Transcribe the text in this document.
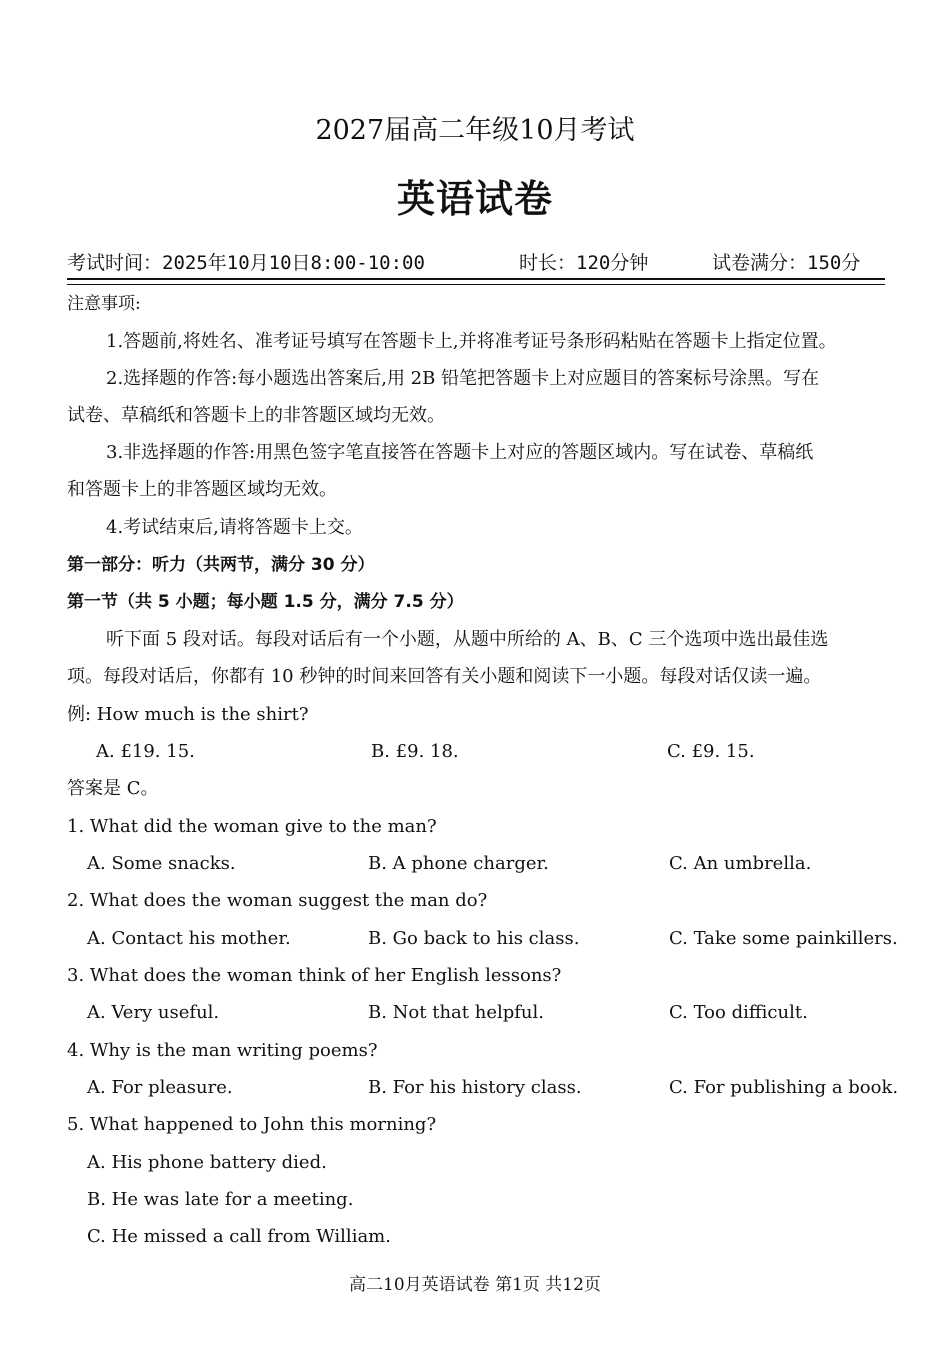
2027届高二年级10月考试
英语试卷
考试时间：2025年10月10日8:00-10:00	时长：120分钟	试卷满分：150分
注意事项:
1.答题前,将姓名、准考证号填写在答题卡上,并将准考证号条形码粘贴在答题卡上指定位置。
2.选择题的作答:每小题选出答案后,用 2B 铅笔把答题卡上对应题目的答案标号涂黑。写在
试卷、草稿纸和答题卡上的非答题区域均无效。
3.非选择题的作答:用黑色签字笔直接答在答题卡上对应的答题区域内。写在试卷、草稿纸
和答题卡上的非答题区域均无效。
4.考试结束后,请将答题卡上交。
第一部分：听力（共两节，满分 30 分）
第一节（共 5 小题；每小题 1.5 分，满分 7.5 分）
听下面 5 段对话。每段对话后有一个小题，从题中所给的 A、B、C 三个选项中选出最佳选
项。每段对话后，你都有 10 秒钟的时间来回答有关小题和阅读下一小题。每段对话仅读一遍。
例: How much is the shirt?
A. £19. 15.	B. £9. 18.	C. £9. 15.
答案是 C。
1. What did the woman give to the man?
A. Some snacks.	B. A phone charger.	C. An umbrella.
2. What does the woman suggest the man do?
A. Contact his mother.	B. Go back to his class.	C. Take some painkillers.
3. What does the woman think of her English lessons?
A. Very useful.	B. Not that helpful.	C. Too difficult.
4. Why is the man writing poems?
A. For pleasure.	B. For his history class.	C. For publishing a book.
5. What happened to John this morning?
A. His phone battery died.
B. He was late for a meeting.
C. He missed a call from William.
高二10月英语试卷 第1页 共12页
